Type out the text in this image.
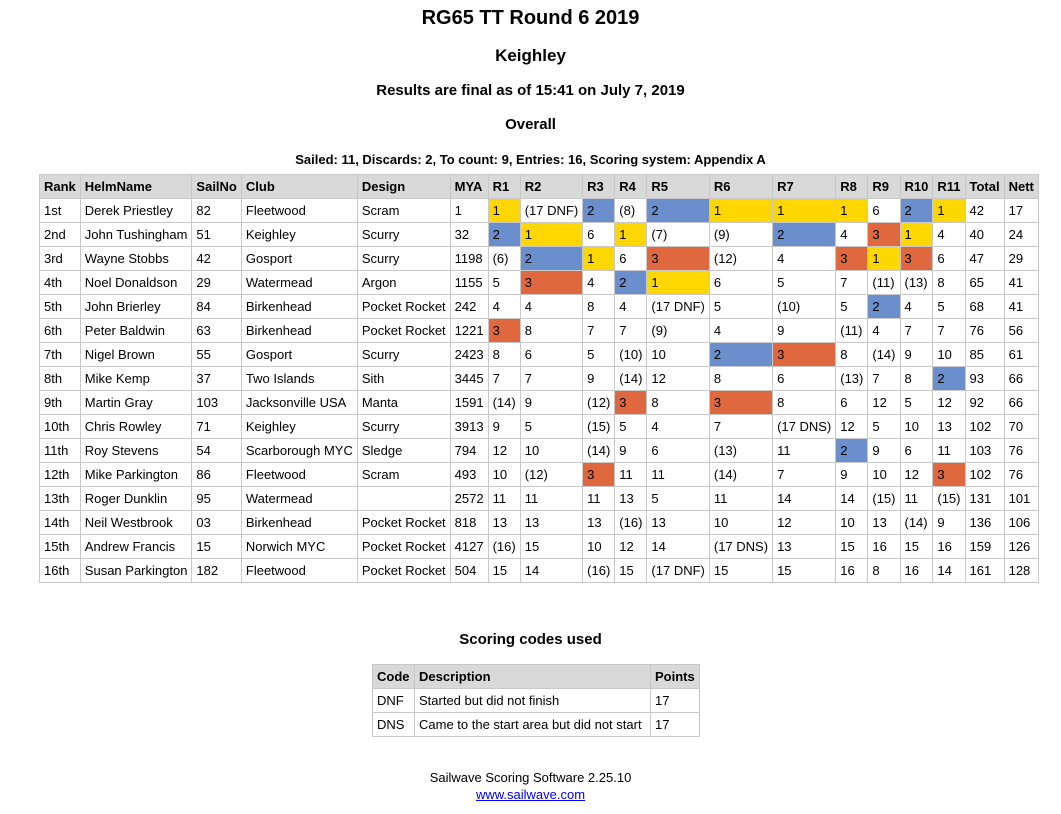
RG65 TT Round 6 2019
Keighley
Results are final as of 15:41 on July 7, 2019
Overall
Sailed: 11, Discards: 2, To count: 9, Entries: 16, Scoring system: Appendix A
Rank	HelmName	SailNo	Club	Design	MYA	R1	R2	R3	R4	R5	R6	R7	R8	R9	R10	R11	Total	Nett
1st	Derek Priestley	82	Fleetwood	Scram	1	1	(17 DNF)	2	(8)	2	1	1	1	6	2	1	42	17
2nd	John Tushingham	51	Keighley	Scurry	32	2	1	6	1	(7)	(9)	2	4	3	1	4	40	24
3rd	Wayne Stobbs	42	Gosport	Scurry	1198	(6)	2	1	6	3	(12)	4	3	1	3	6	47	29
4th	Noel Donaldson	29	Watermead	Argon	1155	5	3	4	2	1	6	5	7	(11)	(13)	8	65	41
5th	John Brierley	84	Birkenhead	Pocket Rocket	242	4	4	8	4	(17 DNF)	5	(10)	5	2	4	5	68	41
6th	Peter Baldwin	63	Birkenhead	Pocket Rocket	1221	3	8	7	7	(9)	4	9	(11)	4	7	7	76	56
7th	Nigel Brown	55	Gosport	Scurry	2423	8	6	5	(10)	10	2	3	8	(14)	9	10	85	61
8th	Mike Kemp	37	Two Islands	Sith	3445	7	7	9	(14)	12	8	6	(13)	7	8	2	93	66
9th	Martin Gray	103	Jacksonville USA	Manta	1591	(14)	9	(12)	3	8	3	8	6	12	5	12	92	66
10th	Chris Rowley	71	Keighley	Scurry	3913	9	5	(15)	5	4	7	(17 DNS)	12	5	10	13	102	70
11th	Roy Stevens	54	Scarborough MYC	Sledge	794	12	10	(14)	9	6	(13)	11	2	9	6	11	103	76
12th	Mike Parkington	86	Fleetwood	Scram	493	10	(12)	3	11	11	(14)	7	9	10	12	3	102	76
13th	Roger Dunklin	95	Watermead		2572	11	11	11	13	5	11	14	14	(15)	11	(15)	131	101
14th	Neil Westbrook	03	Birkenhead	Pocket Rocket	818	13	13	13	(16)	13	10	12	10	13	(14)	9	136	106
15th	Andrew Francis	15	Norwich MYC	Pocket Rocket	4127	(16)	15	10	12	14	(17 DNS)	13	15	16	15	16	159	126
16th	Susan Parkington	182	Fleetwood	Pocket Rocket	504	15	14	(16)	15	(17 DNF)	15	15	16	8	16	14	161	128
Scoring codes used
Code	Description	Points
DNF	Started but did not finish	17
DNS	Came to the start area but did not start	17
Sailwave Scoring Software 2.25.10
www.sailwave.com
